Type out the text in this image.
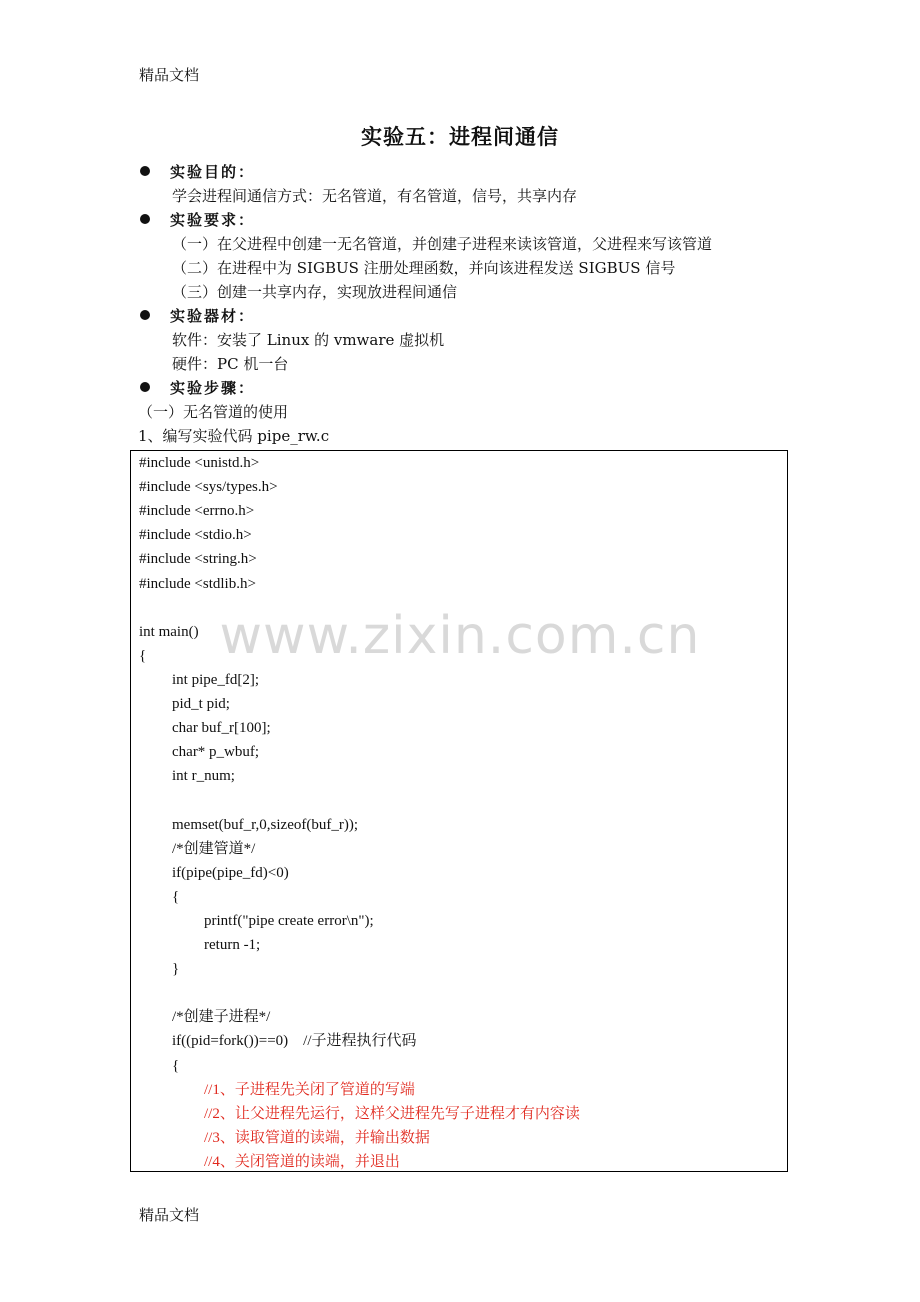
精品文档
实验五：进程间通信
实验目的：
学会进程间通信方式：无名管道，有名管道，信号，共享内存
实验要求：
（一）在父进程中创建一无名管道，并创建子进程来读该管道，父进程来写该管道
（二）在进程中为 SIGBUS 注册处理函数，并向该进程发送 SIGBUS 信号
（三）创建一共享内存，实现放进程间通信
实验器材：
软件：安装了 Linux 的 vmware 虚拟机
硬件：PC 机一台
实验步骤：
（一）无名管道的使用
1、编写实验代码 pipe_rw.c
#include <unistd.h>
#include <sys/types.h>
#include <errno.h>
#include <stdio.h>
#include <string.h>
#include <stdlib.h>
int main()
{
int pipe_fd[2];
pid_t pid;
char buf_r[100];
char* p_wbuf;
int r_num;
memset(buf_r,0,sizeof(buf_r));
/*创建管道*/
if(pipe(pipe_fd)<0)
{
printf("pipe create error\n");
return -1;
}
/*创建子进程*/
if((pid=fork())==0)    //子进程执行代码
{
//1、子进程先关闭了管道的写端
//2、让父进程先运行，这样父进程先写子进程才有内容读
//3、读取管道的读端，并输出数据
//4、关闭管道的读端，并退出
www.zixin.com.cn
精品文档
